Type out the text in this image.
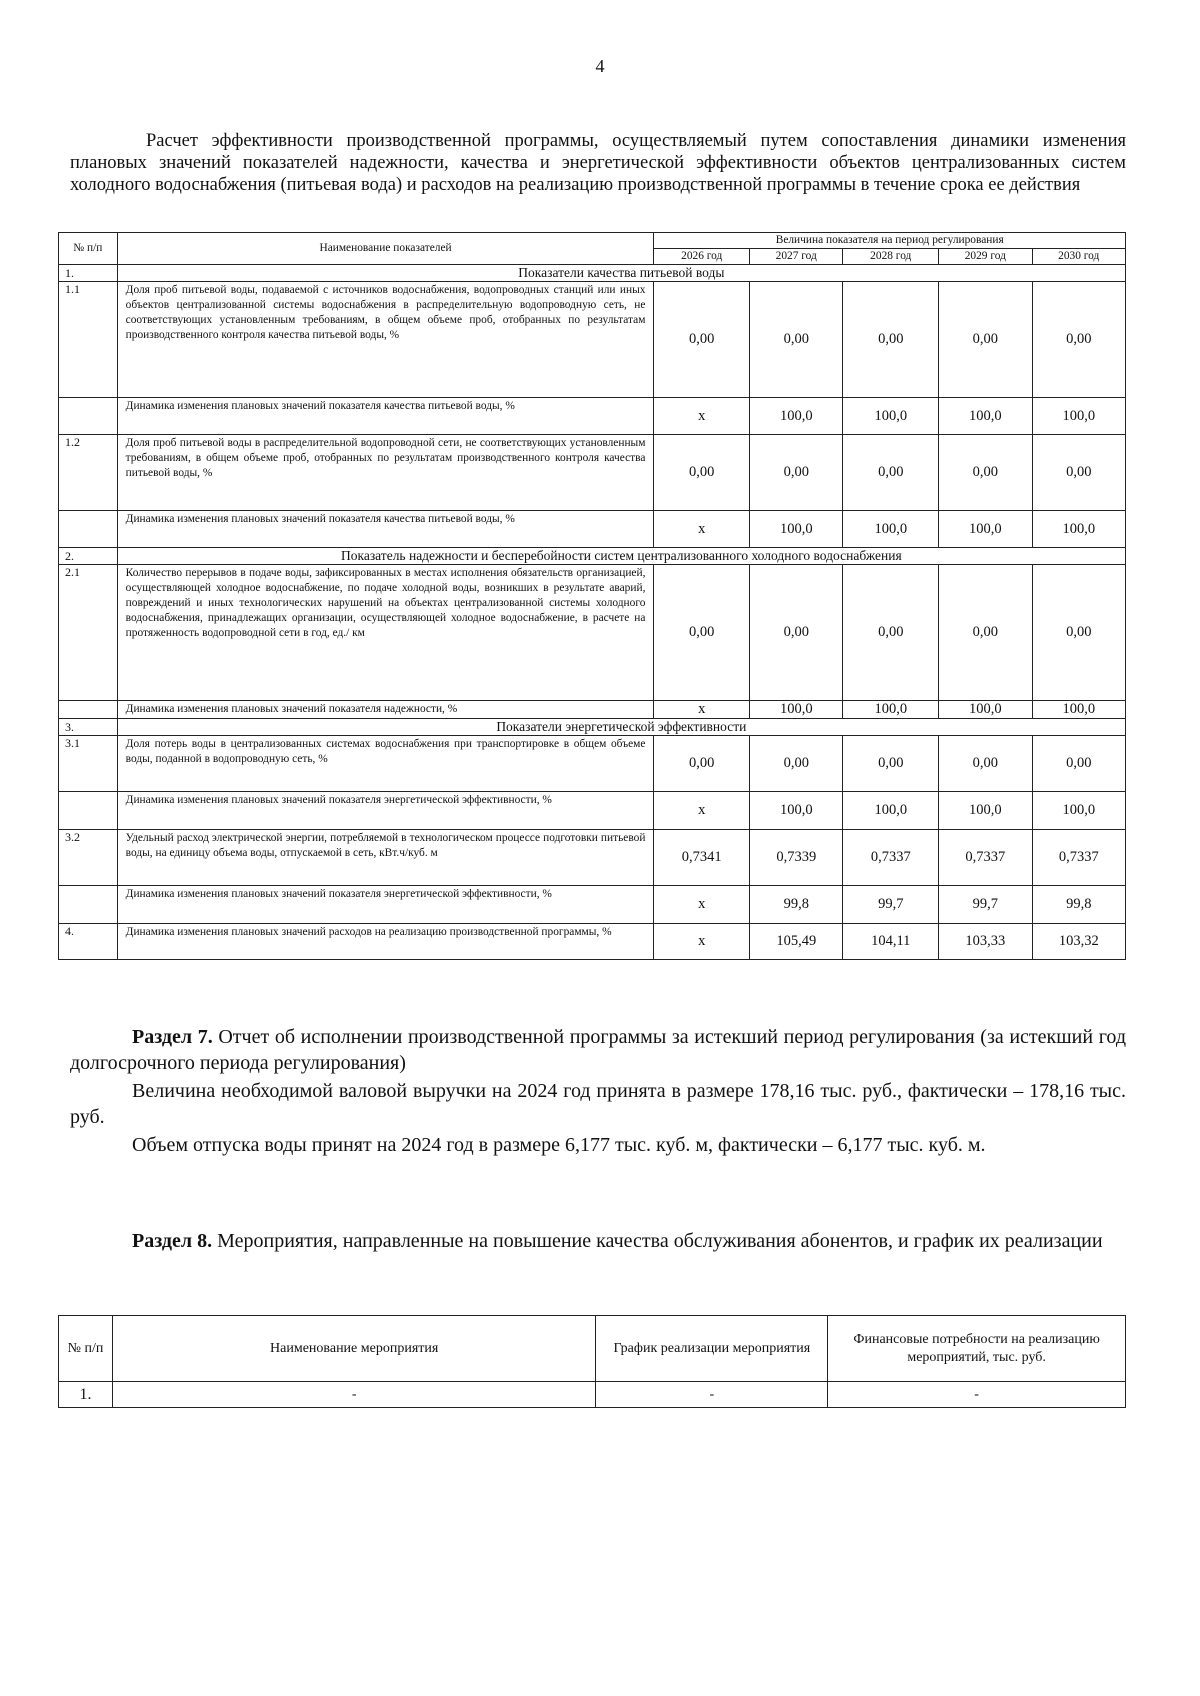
4
Расчет эффективности производственной программы, осуществляемый путем сопоставления динамики изменения плановых значений показателей надежности, качества и энергетической эффективности объектов централизованных систем холодного водоснабжения (питьевая вода) и расходов на реализацию производственной программы в течение срока ее действия
№ п/п	Наименование показателей	Величина показателя на период регулирования				
		2026 год	2027 год	2028 год	2029 год	2030 год
1.	Показатели качества питьевой воды					
1.1	Доля проб питьевой воды, подаваемой с источников водоснабжения, водопроводных станций или иных объектов централизованной системы водоснабжения в распределительную водопроводную сеть, не соответствующих установленным требованиям, в общем объеме проб, отобранных по результатам производственного контроля качества питьевой воды, %	0,00	0,00	0,00	0,00	0,00
	Динамика изменения плановых значений показателя качества питьевой воды, %	х	100,0	100,0	100,0	100,0
1.2	Доля проб питьевой воды в распределительной водопроводной сети, не соответствующих установленным требованиям, в общем объеме проб, отобранных по результатам производственного контроля качества питьевой воды, %	0,00	0,00	0,00	0,00	0,00
	Динамика изменения плановых значений показателя качества питьевой воды, %	х	100,0	100,0	100,0	100,0
2.	Показатель надежности и бесперебойности систем централизованного холодного водоснабжения					
2.1	Количество перерывов в подаче воды, зафиксированных в местах исполнения обязательств организацией, осуществляющей холодное водоснабжение, по подаче холодной воды, возникших в результате аварий, повреждений и иных технологических нарушений на объектах централизованной системы холодного водоснабжения, принадлежащих организации, осуществляющей холодное водоснабжение, в расчете на протяженность водопроводной сети в год, ед./ км	0,00	0,00	0,00	0,00	0,00
	Динамика изменения плановых значений показателя надежности, %	х	100,0	100,0	100,0	100,0
3.	Показатели энергетической эффективности					
3.1	Доля потерь воды в централизованных системах водоснабжения при транспортировке в общем объеме воды, поданной в водопроводную сеть, %	0,00	0,00	0,00	0,00	0,00
	Динамика изменения плановых значений показателя энергетической эффективности, %	х	100,0	100,0	100,0	100,0
3.2	Удельный расход электрической энергии, потребляемой в технологическом процессе подготовки питьевой воды, на единицу объема воды, отпускаемой в сеть, кВт.ч/куб. м	0,7341	0,7339	0,7337	0,7337	0,7337
	Динамика изменения плановых значений показателя энергетической эффективности, %	х	99,8	99,7	99,7	99,8
4.	Динамика изменения плановых значений расходов на реализацию производственной программы, %	х	105,49	104,11	103,33	103,32
Раздел 7. Отчет об исполнении производственной программы за истекший период регулирования (за истекший год долгосрочного периода регулирования)
Величина необходимой валовой выручки на 2024 год принята в размере 178,16 тыс. руб., фактически – 178,16 тыс. руб.
Объем отпуска воды принят на 2024 год в размере 6,177 тыс. куб. м, фактически – 6,177 тыс. куб. м.
Раздел 8. Мероприятия, направленные на повышение качества обслуживания абонентов, и график их реализации
№ п/п	Наименование мероприятия	График реализации мероприятия	Финансовые потребности на реализацию мероприятий, тыс. руб.
1.	-	-	-
